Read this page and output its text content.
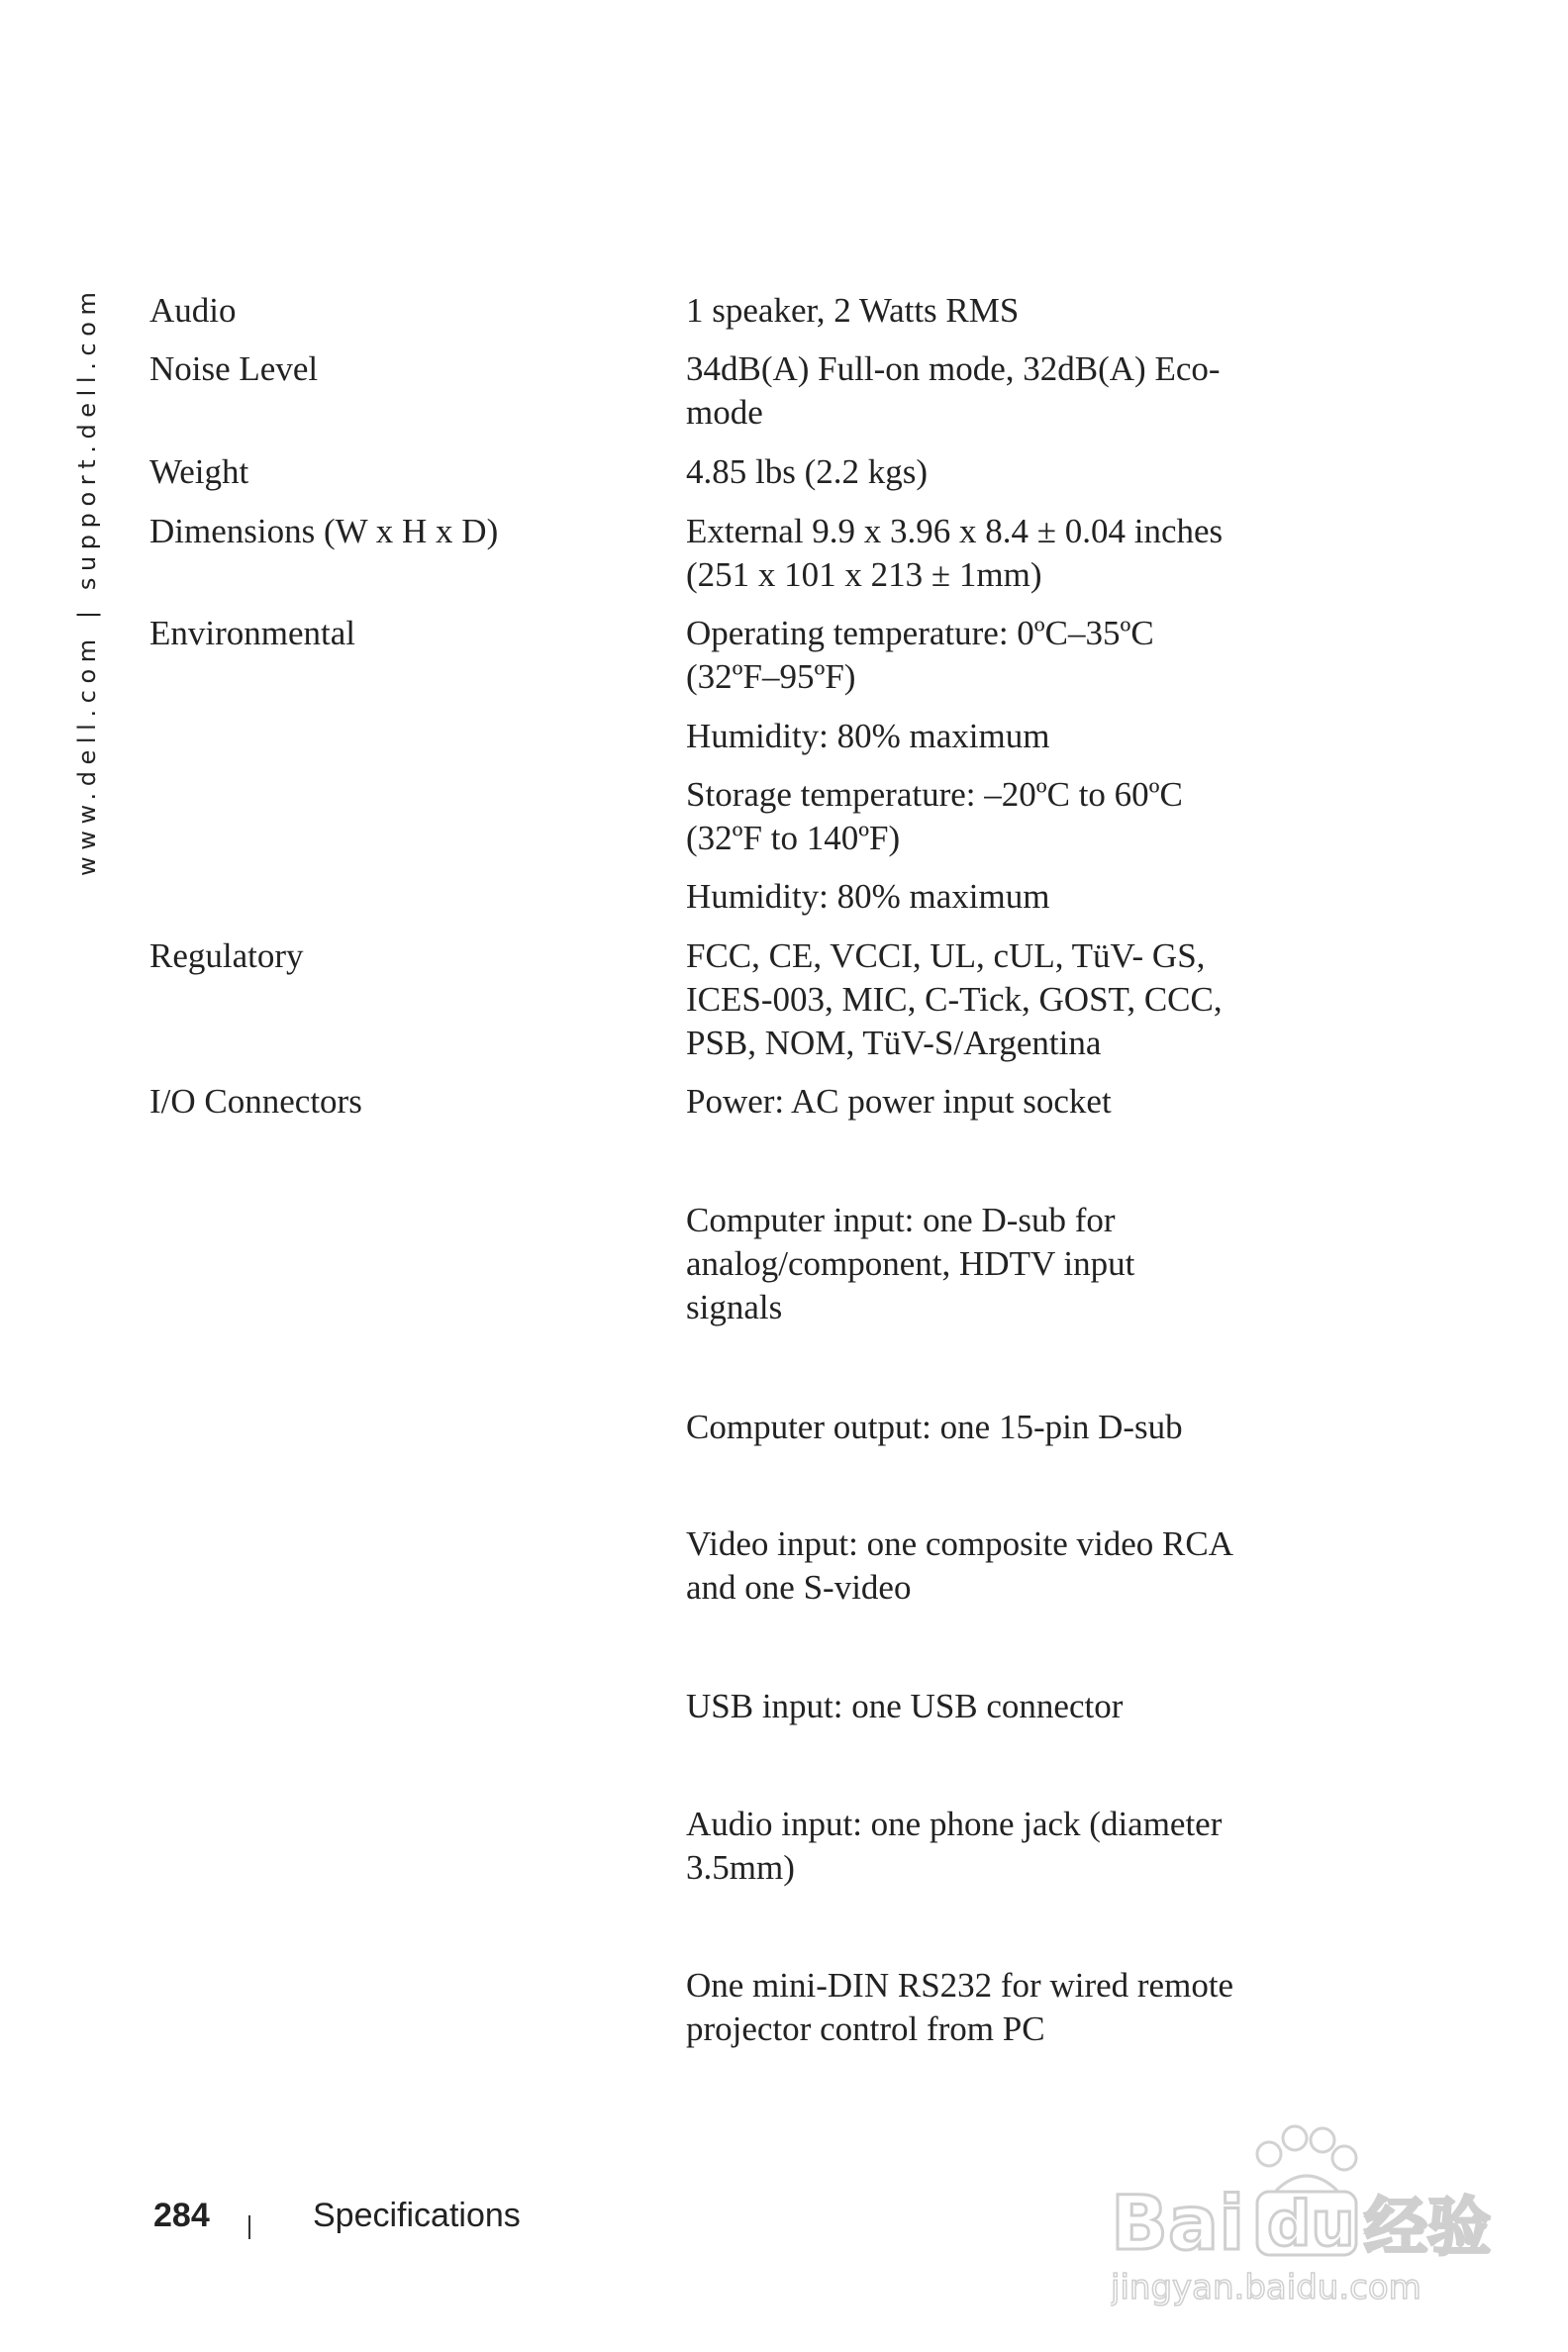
www.dell.com | support.dell.com Audio	1 speaker, 2 Watts RMS
Noise Level	34dB(A) Full-on mode, 32dB(A) Eco-
mode
Weight	4.85 lbs (2.2 kgs)
Dimensions (W x H x D)	External 9.9 x 3.96 x 8.4 ± 0.04 inches
(251 x 101 x 213 ± 1mm)
Environmental	Operating temperature: 0ºC–35ºC
(32ºF–95ºF)
Humidity: 80% maximum
Storage temperature: –20ºC to 60ºC
(32ºF to 140ºF)
Humidity: 80% maximum
Regulatory	FCC, CE, VCCI, UL, cUL, TüV- GS,
ICES-003, MIC, C-Tick, GOST, CCC,
PSB, NOM, TüV-S/Argentina
I/O Connectors	Power: AC power input socket
Computer input: one D-sub for
analog/component, HDTV input
signals
Computer output: one 15-pin D-sub
Video input: one composite video RCA
and one S-video
USB input: one USB connector
Audio input: one phone jack (diameter
3.5mm)
One mini-DIN RS232 for wired remote
projector control from PC
284	Specifications	Bai du 经验
jingyan.baidu.com
